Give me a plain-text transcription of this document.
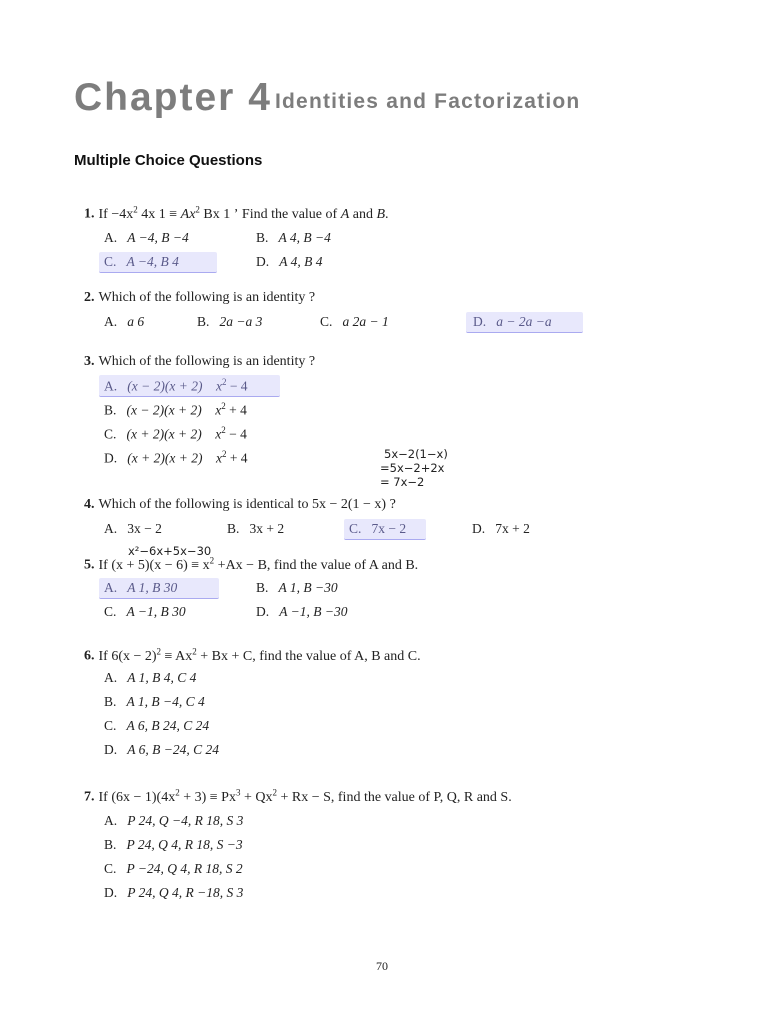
Chapter 4 Identities and Factorization
Multiple Choice Questions
1. $If -4x^2$ 4x $1 \equiv Ax^2$ Bx 1 ʼ Find the value of A and B.
A. A −4, B −4	B. A 4, B −4
C. A −4, B 4	D. A 4, B 4
2. Which of the following is an identity ?
A. a 6	B. 2a −a 3	C. a 2a − 1	D. a − 2a −a
3. Which of the following is an identity ?
A. (x − 2)(x + 2) $x^2 - 4$
B. (x − 2)(x + 2) $x^2 + 4$
C. (x + 2)(x + 2) $x^2 - 4$
D. (x + 2)(x + 2) $x^2 + 4$	5x−2(1−x)
=5x−2+2x
= 7x−2
4. Which of the following is identical to 5x − 2(1 − x) ?
A. 3x − 2	B. 3x + 2	C. 7x − 2	D. 7x + 2
x²−6x+5x−30
5. If $(x + 5)(x - 6) \equiv x^2 +Ax - B$, find the value of A and B.
A. A 1, B 30	B. A 1, B −30
C. A −1, B 30	D. A −1, B −30
6. If $6(x - 2)^2 \equiv Ax^2 + Bx + C$, find the value of A, B and C.
A. A 1, B 4, C 4
B. A 1, B −4, C 4
C. A 6, B 24, C 24
D. A 6, B −24, C 24
7. If $(6x - 1)(4x^2 + 3) \equiv Px^3 + Qx^2 + Rx - S$, find the value of P, Q, R and S.
A. P 24, Q −4, R 18, S 3
B. P 24, Q 4, R 18, S −3
C. P −24, Q 4, R 18, S 2
D. P 24, Q 4, R −18, S 3
70
